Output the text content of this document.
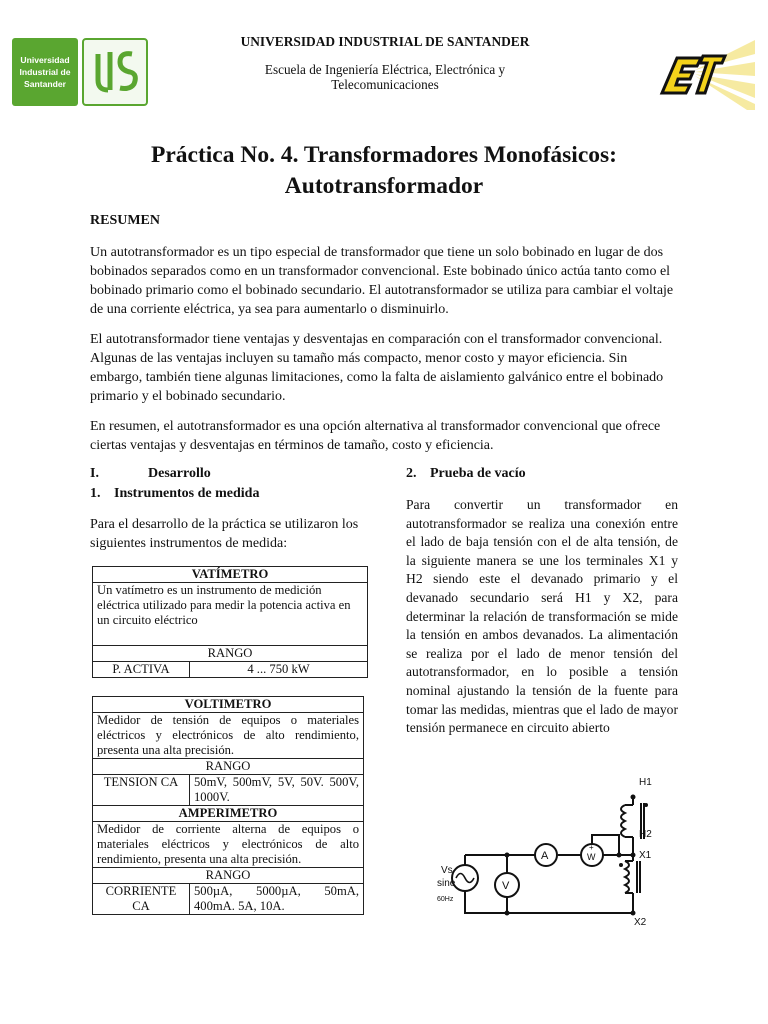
Universidad
Industrial de
Santander
UNIVERSIDAD INDUSTRIAL DE SANTANDER
Escuela de Ingeniería Eléctrica, Electrónica y
Telecomunicaciones
Práctica No. 4. Transformadores Monofásicos:
Autotransformador
RESUMEN
Un autotransformador es un tipo especial de transformador que tiene un solo bobinado en lugar de dos bobinados separados como en un transformador convencional. Este bobinado único actúa tanto como el bobinado primario como el bobinado secundario. El autotransformador se utiliza para cambiar el voltaje de una corriente eléctrica, ya sea para aumentarlo o disminuirlo.
El autotransformador tiene ventajas y desventajas en comparación con el transformador convencional. Algunas de las ventajas incluyen su tamaño más compacto, menor costo y mayor eficiencia. Sin embargo, también tiene algunas limitaciones, como la falta de aislamiento galvánico entre el bobinado primario y el bobinado secundario.
En resumen, el autotransformador es una opción alternativa al transformador convencional que ofrece ciertas ventajas y desventajas en términos de tamaño, costo y eficiencia.
I.	Desarrollo
1. Instrumentos de medida
Para el desarrollo de la práctica se utilizaron los siguientes instrumentos de medida:
VATÍMETRO
Un vatímetro es un instrumento de medición eléctrica utilizado para medir la potencia activa en un circuito eléctrico
RANGO
P. ACTIVA	4 ... 750 kW
VOLTIMETRO	
Medidor de tensión de equipos o materiales eléctricos y electrónicos de alto rendimiento, presenta una alta precisión.	
RANGO	
TENSION CA	50mV, 500mV, 5V, 50V. 500V, 1000V.
AMPERIMETRO	
Medidor de corriente alterna de equipos o materiales eléctricos y electrónicos de alto rendimiento, presenta una alta precisión.	
RANGO	
CORRIENTE CA	500µA, 5000µA, 50mA, 400mA. 5A, 10A.
2. Prueba de vacío
Para convertir un transformador en autotransformador se realiza una conexión entre el lado de baja tensión con el de alta tensión, de la siguiente manera se une los terminales X1 y H2 siendo este el devanado primario y el devanado secundario será H1 y X2, para determinar la relación de transformación se mide la tensión en ambos devanados. La alimentación se realiza por el lado de menor tensión del autotransformador, en lo posible a tensión nominal ajustando la tensión de la fuente para tomar las medidas, mientras que el lado de mayor tensión permanece en circuito abierto
H1
H2
X1
X2
Vs
sine
60Hz
A
V
W
+
